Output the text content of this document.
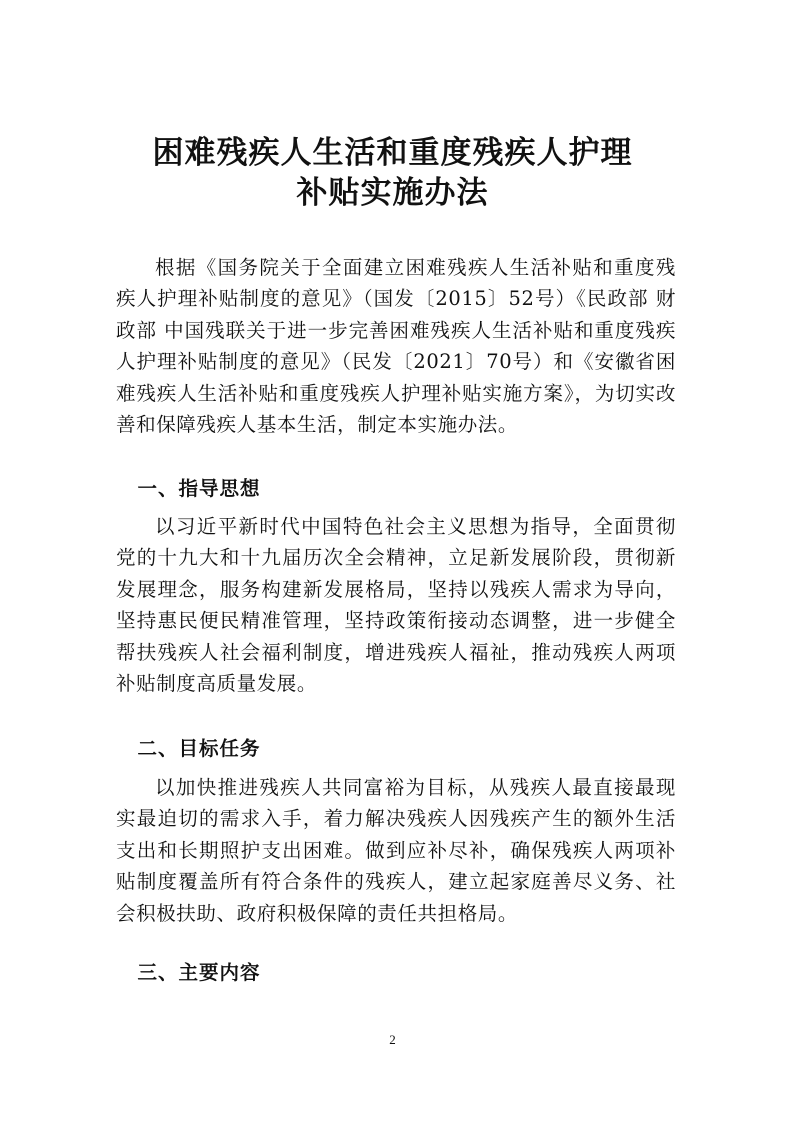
困难残疾人生活和重度残疾人护理
补贴实施办法

根据《国务院关于全面建立困难残疾人生活补贴和重度残疾人护理补贴制度的意见》（国发〔2015〕52号）《民政部 财政部 中国残联关于进一步完善困难残疾人生活补贴和重度残疾人护理补贴制度的意见》（民发〔2021〕70号）和《安徽省困难残疾人生活补贴和重度残疾人护理补贴实施方案》，为切实改善和保障残疾人基本生活，制定本实施办法。

一、指导思想

以习近平新时代中国特色社会主义思想为指导，全面贯彻党的十九大和十九届历次全会精神，立足新发展阶段，贯彻新发展理念，服务构建新发展格局，坚持以残疾人需求为导向，坚持惠民便民精准管理，坚持政策衔接动态调整，进一步健全帮扶残疾人社会福利制度，增进残疾人福祉，推动残疾人两项补贴制度高质量发展。

二、目标任务

以加快推进残疾人共同富裕为目标，从残疾人最直接最现实最迫切的需求入手，着力解决残疾人因残疾产生的额外生活支出和长期照护支出困难。做到应补尽补，确保残疾人两项补贴制度覆盖所有符合条件的残疾人，建立起家庭善尽义务、社会积极扶助、政府积极保障的责任共担格局。

三、主要内容
2
